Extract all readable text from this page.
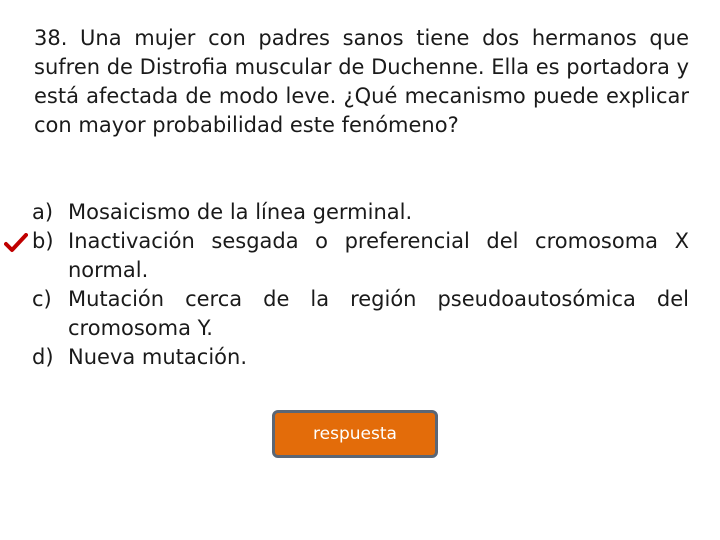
38. Una mujer con padres sanos tiene dos hermanos que sufren de Distrofia muscular de Duchenne. Ella es portadora y está afectada de modo leve. ¿Qué mecanismo puede explicar con mayor probabilidad este fenómeno?

a) Mosaicismo de la línea germinal.
b) Inactivación sesgada o preferencial del cromosoma X normal.
c) Mutación cerca de la región pseudoautosómica del cromosoma Y.
d) Nueva mutación.
respuesta
